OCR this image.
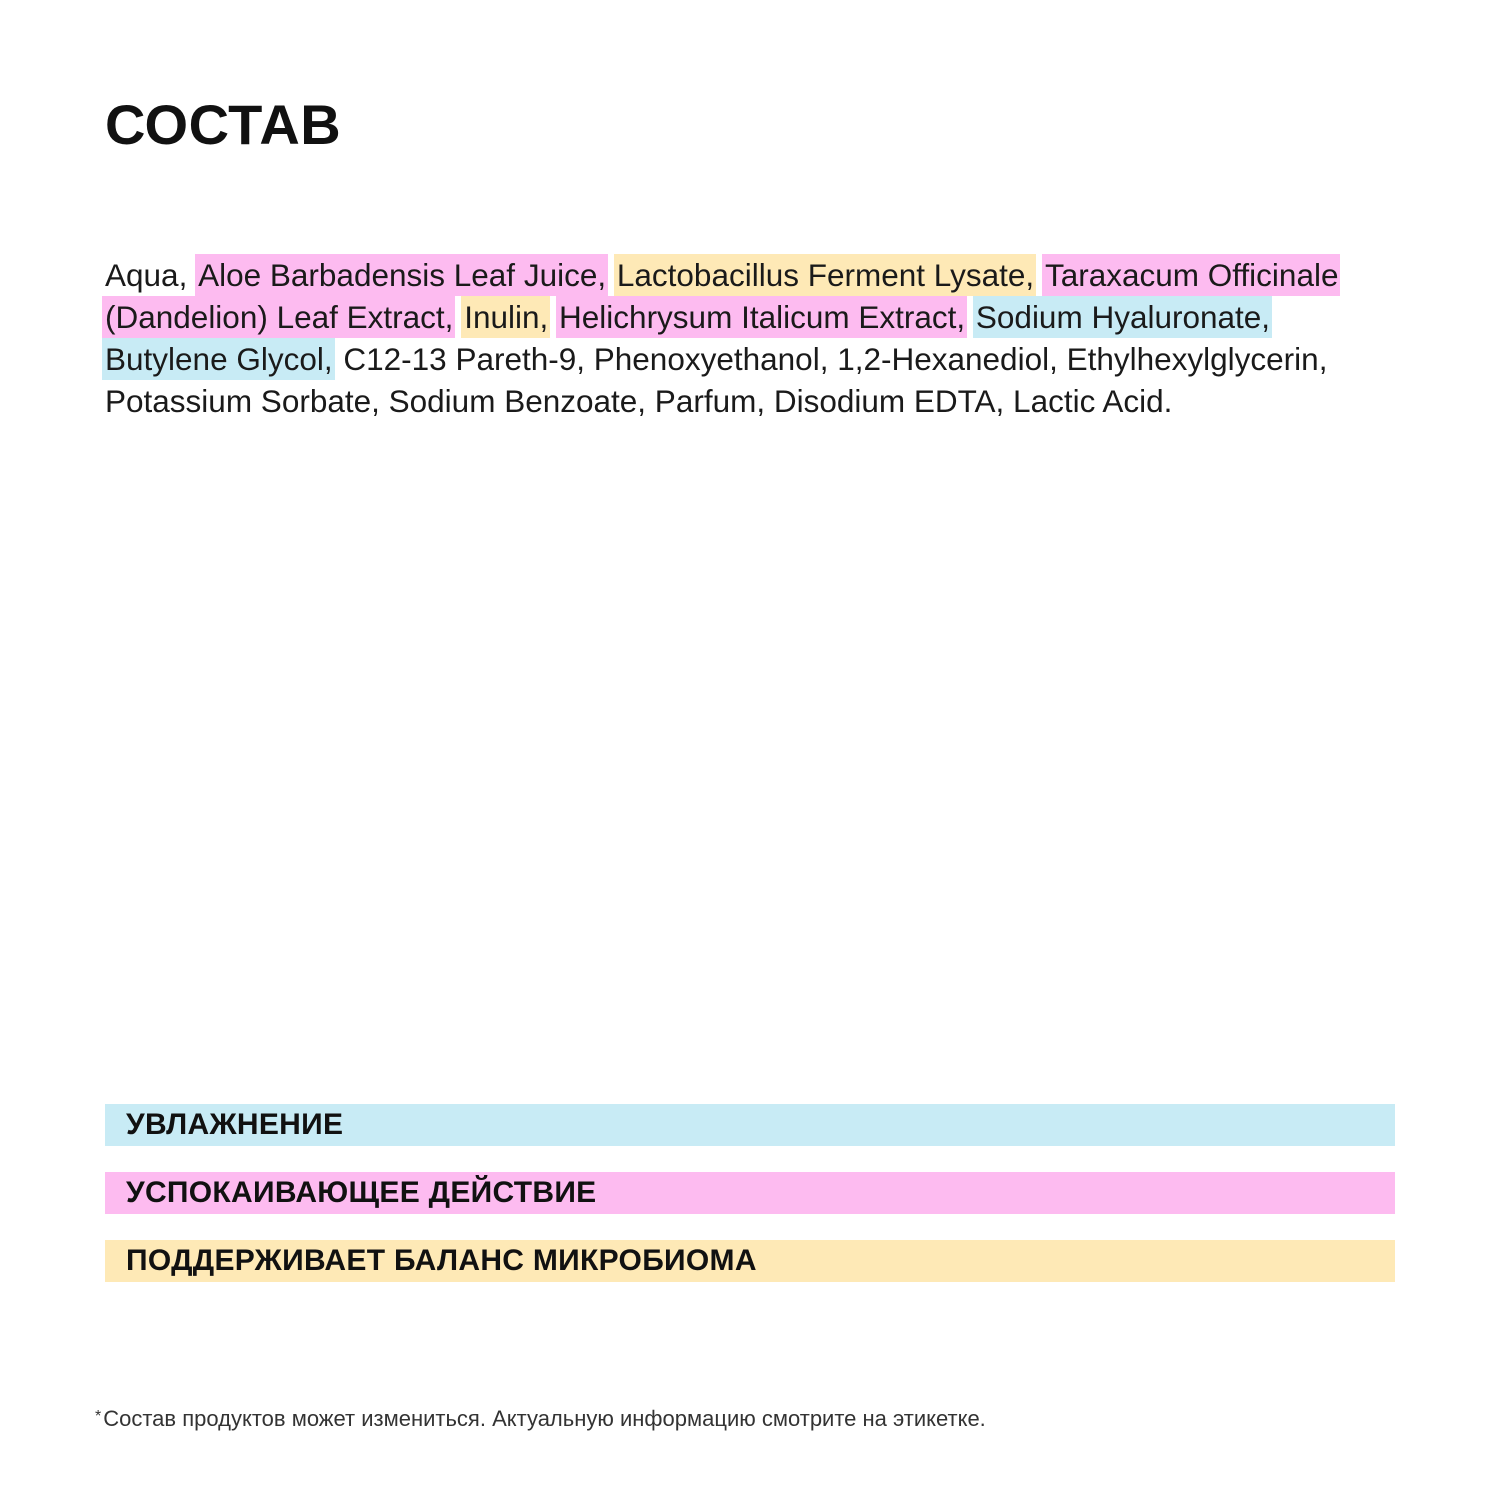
СОСТАВ

Aqua, Aloe Barbadensis Leaf Juice, Lactobacillus Ferment Lysate, Taraxacum Officinale (Dandelion) Leaf Extract, Inulin, Helichrysum Italicum Extract, Sodium Hyaluronate, Butylene Glycol, C12-13 Pareth-9, Phenoxyethanol, 1,2-Hexanediol, Ethylhexylglycerin, Potassium Sorbate, Sodium Benzoate, Parfum, Disodium EDTA, Lactic Acid.

УВЛАЖНЕНИЕ
УСПОКАИВАЮЩЕЕ ДЕЙСТВИЕ
ПОДДЕРЖИВАЕТ БАЛАНС МИКРОБИОМА
*Состав продуктов может измениться. Актуальную информацию смотрите на этикетке.
